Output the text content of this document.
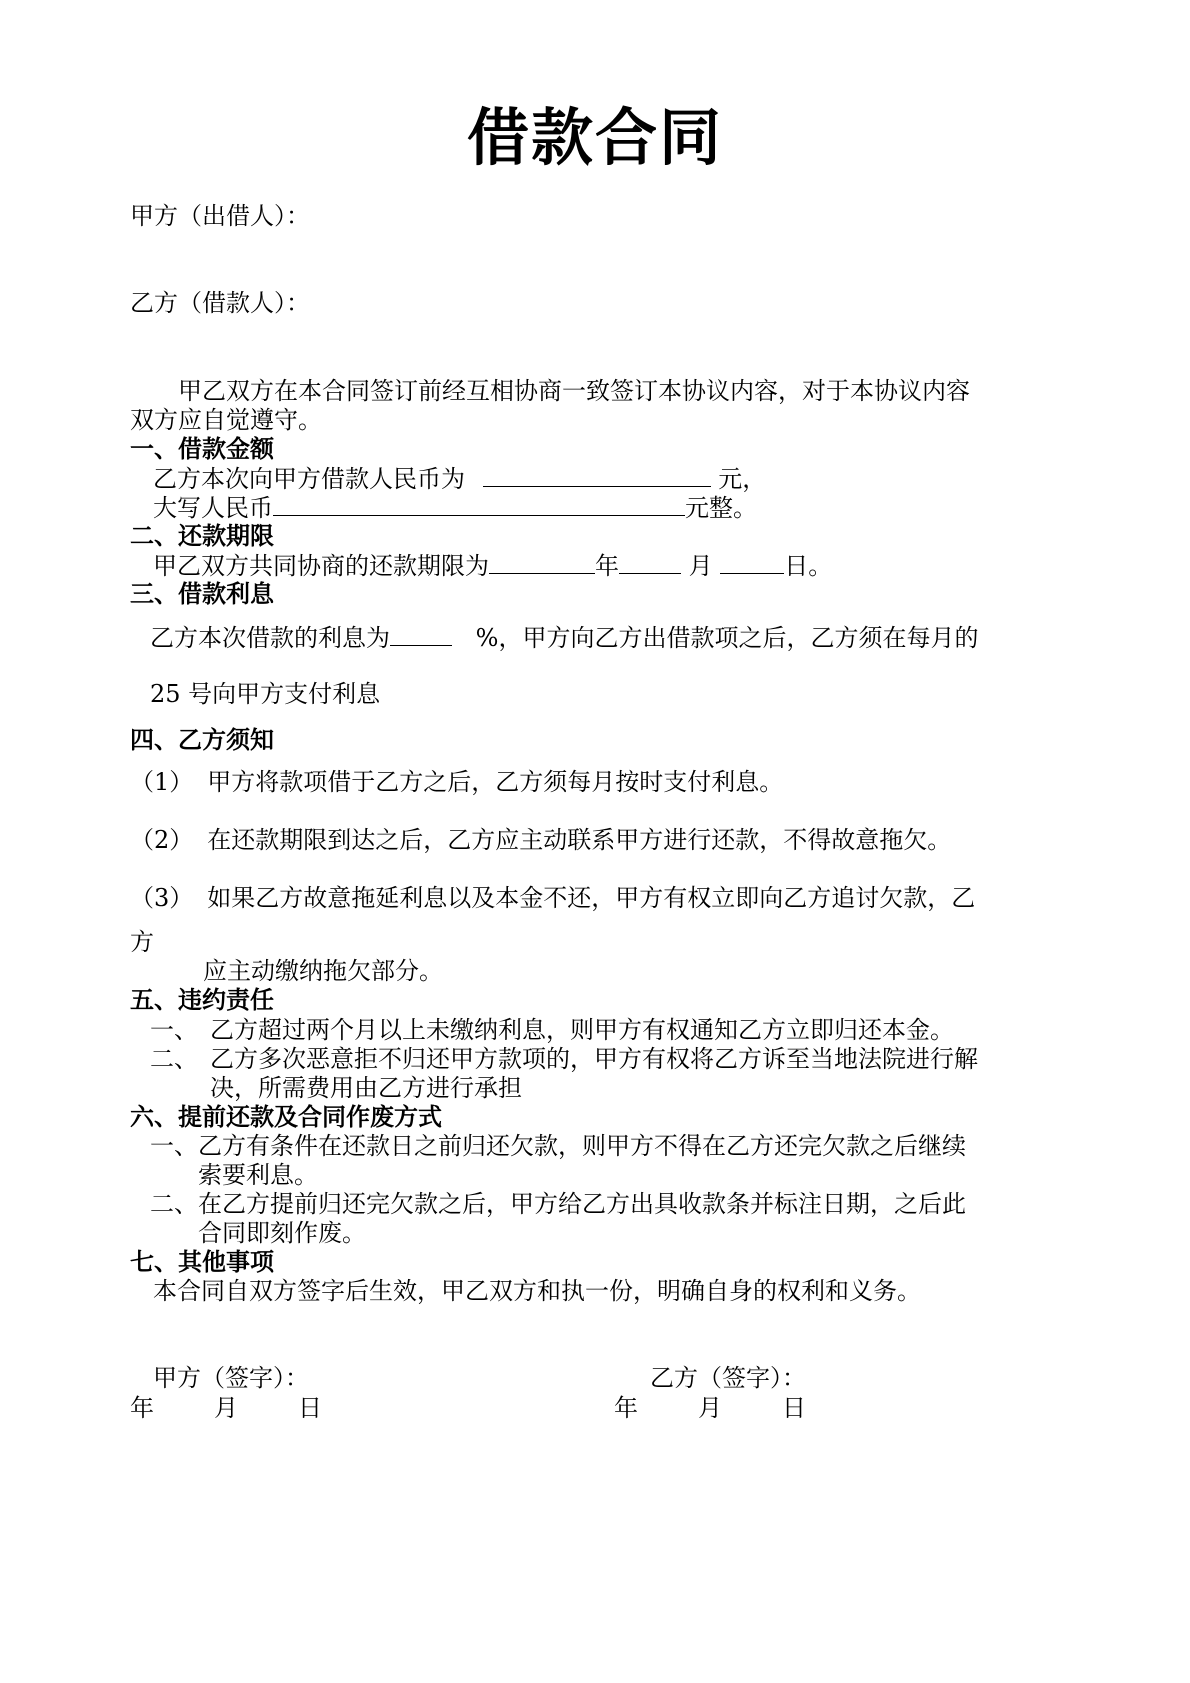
借款合同
甲方（出借人）：
乙方（借款人）：
甲乙双方在本合同签订前经互相协商一致签订本协议内容，对于本协议内容
双方应自觉遵守。
一、借款金额
乙方本次向甲方借款人民币为	元，
大写人民币	元整。
二、还款期限
甲乙双方共同协商的还款期限为	年	月	日。
三、借款利息
乙方本次借款的利息为	%，甲方向乙方出借款项之后，乙方须在每月的
25 号向甲方支付利息
四、乙方须知
（1） 甲方将款项借于乙方之后，乙方须每月按时支付利息。
（2） 在还款期限到达之后，乙方应主动联系甲方进行还款，不得故意拖欠。
（3） 如果乙方故意拖延利息以及本金不还，甲方有权立即向乙方追讨欠款，乙
方
应主动缴纳拖欠部分。
五、违约责任
一、 乙方超过两个月以上未缴纳利息，则甲方有权通知乙方立即归还本金。
二、 乙方多次恶意拒不归还甲方款项的，甲方有权将乙方诉至当地法院进行解
决，所需费用由乙方进行承担
六、提前还款及合同作废方式
一、乙方有条件在还款日之前归还欠款，则甲方不得在乙方还完欠款之后继续
索要利息。
二、在乙方提前归还完欠款之后，甲方给乙方出具收款条并标注日期，之后此
合同即刻作废。
七、其他事项
本合同自双方签字后生效，甲乙双方和执一份，明确自身的权利和义务。
甲方（签字）：	乙方（签字）：
年	月	日	年	月	日
